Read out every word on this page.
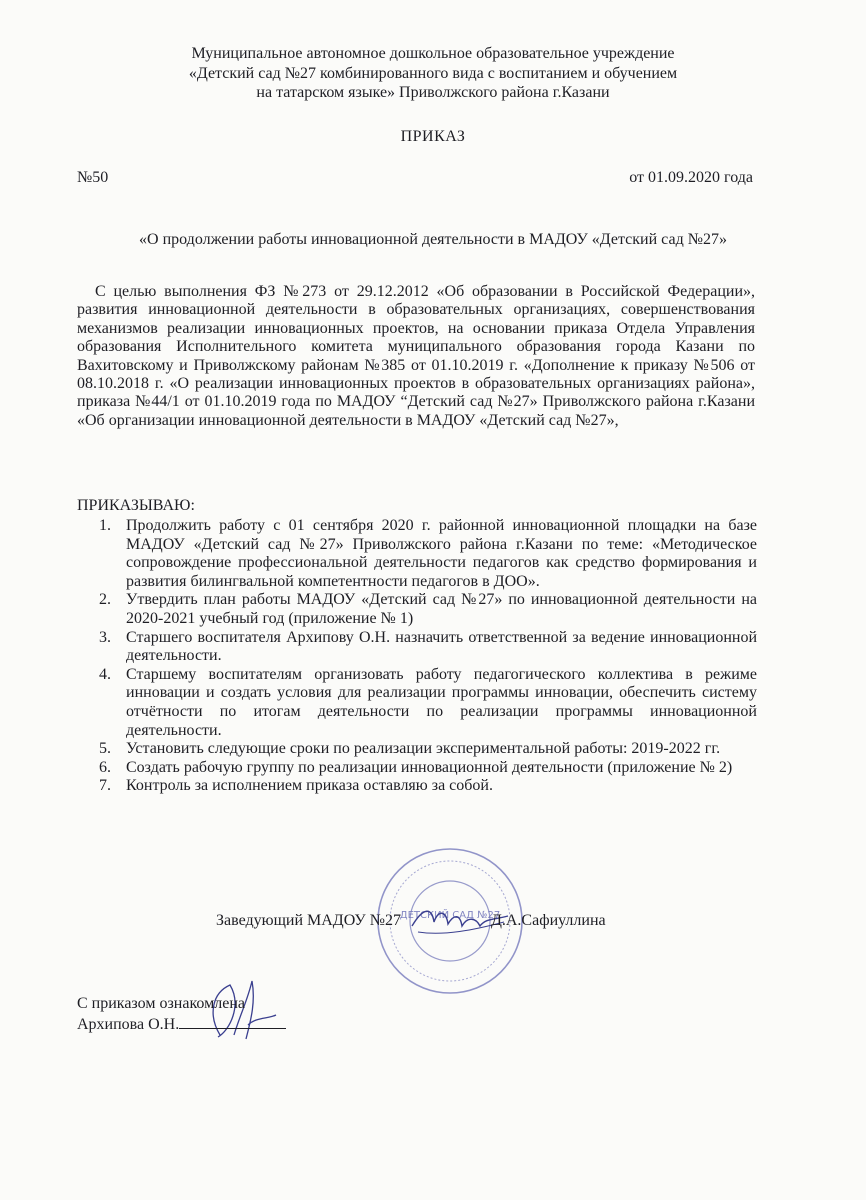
Муниципальное автономное дошкольное образовательное учреждение
«Детский сад №27 комбинированного вида с воспитанием и обучением
на татарском языке» Приволжского района г.Казани
ПРИКАЗ
№50	от 01.09.2020 года
«О продолжении работы инновационной деятельности в МАДОУ «Детский сад №27»
С целью выполнения ФЗ №273 от 29.12.2012 «Об образовании в Российской Федерации», развития инновационной деятельности в образовательных организациях, совершенствования механизмов реализации инновационных проектов, на основании приказа Отдела Управления образования Исполнительного комитета муниципального образования города Казани по Вахитовскому и Приволжскому районам №385 от 01.10.2019 г. «Дополнение к приказу №506 от 08.10.2018 г. «О реализации инновационных проектов в образовательных организациях района», приказа №44/1 от 01.10.2019 года по МАДОУ “Детский сад №27» Приволжского района г.Казани «Об организации инновационной деятельности в МАДОУ «Детский сад №27»,
ПРИКАЗЫВАЮ:
1. Продолжить работу с 01 сентября 2020 г. районной инновационной площадки на базе МАДОУ «Детский сад №27» Приволжского района г.Казани по теме: «Методическое сопровождение профессиональной деятельности педагогов как средство формирования и развития билингвальной компетентности педагогов в ДОО».
2. Утвердить план работы МАДОУ «Детский сад №27» по инновационной деятельности на 2020-2021 учебный год (приложение № 1)
3. Старшего воспитателя Архипову О.Н. назначить ответственной за ведение инновационной деятельности.
4. Старшему воспитателям организовать работу педагогического коллектива в режиме инновации и создать условия для реализации программы инновации, обеспечить систему отчётности по итогам деятельности по реализации программы инновационной деятельности.
5. Установить следующие сроки по реализации экспериментальной работы: 2019-2022 гг.
6. Создать рабочую группу по реализации инновационной деятельности (приложение № 2)
7. Контроль за исполнением приказа оставляю за собой.
ДЕТСКИЙ САД №27
Заведующий МАДОУ №27	Д.А.Сафиуллина
С приказом ознакомлена
Архипова О.Н.
